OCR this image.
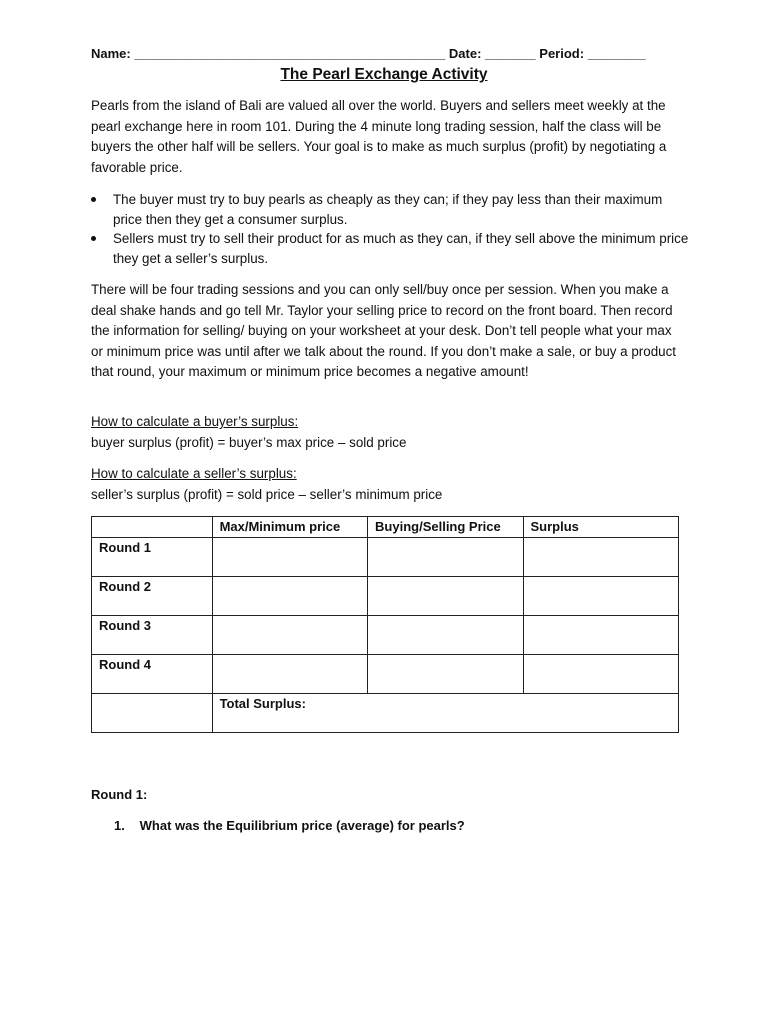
Name: ___________________________________________ Date: _______ Period: ________
The Pearl Exchange Activity
Pearls from the island of Bali are valued all over the world. Buyers and sellers meet weekly at the pearl exchange here in room 101. During the 4 minute long trading session, half the class will be buyers the other half will be sellers. Your goal is to make as much surplus (profit) by negotiating a favorable price.
The buyer must try to buy pearls as cheaply as they can; if they pay less than their maximum price then they get a consumer surplus.
Sellers must try to sell their product for as much as they can, if they sell above the minimum price they get a seller’s surplus.
There will be four trading sessions and you can only sell/buy once per session. When you make a deal shake hands and go tell Mr. Taylor your selling price to record on the front board. Then record the information for selling/ buying on your worksheet at your desk. Don’t tell people what your max or minimum price was until after we talk about the round. If you don’t make a sale, or buy a product that round, your maximum or minimum price becomes a negative amount!
How to calculate a buyer’s surplus:
buyer surplus (profit) = buyer’s max price – sold price
How to calculate a seller’s surplus:
seller’s surplus (profit) = sold price – seller’s minimum price
	Max/Minimum price	Buying/Selling Price	Surplus
Round 1			
Round 2			
Round 3			
Round 4			
	Total Surplus:		
Round 1:
1. What was the Equilibrium price (average) for pearls?
